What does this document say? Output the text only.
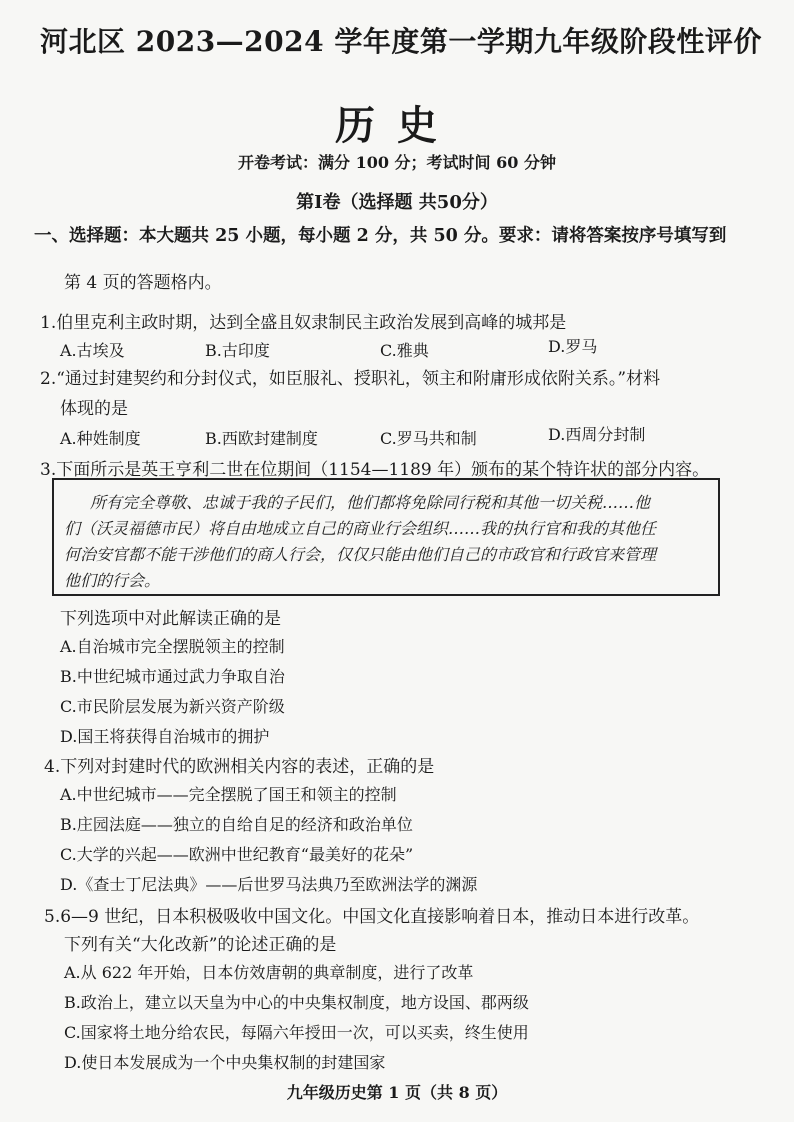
河北区 2023—2024 学年度第一学期九年级阶段性评价
历史
开卷考试：满分 100 分；考试时间 60 分钟
第Ⅰ卷（选择题 共50分）
一、选择题：本大题共 25 小题，每小题 2 分，共 50 分。要求：请将答案按序号填写到
第 4 页的答题格内。
1.伯里克利主政时期，达到全盛且奴隶制民主政治发展到高峰的城邦是
A.古埃及	B.古印度	C.雅典	D.罗马
2.“通过封建契约和分封仪式，如臣服礼、授职礼，领主和附庸形成依附关系。”材料
体现的是
A.种姓制度	B.西欧封建制度	C.罗马共和制	D.西周分封制
3.下面所示是英王亨利二世在位期间（1154—1189 年）颁布的某个特许状的部分内容。
所有完全尊敬、忠诚于我的子民们，他们都将免除同行税和其他一切关税……他
们（沃灵福德市民）将自由地成立自己的商业行会组织……我的执行官和我的其他任
何治安官都不能干涉他们的商人行会，仅仅只能由他们自己的市政官和行政官来管理
他们的行会。
下列选项中对此解读正确的是
A.自治城市完全摆脱领主的控制
B.中世纪城市通过武力争取自治
C.市民阶层发展为新兴资产阶级
D.国王将获得自治城市的拥护
4.下列对封建时代的欧洲相关内容的表述，正确的是
A.中世纪城市——完全摆脱了国王和领主的控制
B.庄园法庭——独立的自给自足的经济和政治单位
C.大学的兴起——欧洲中世纪教育“最美好的花朵”
D.《查士丁尼法典》——后世罗马法典乃至欧洲法学的渊源
5.6—9 世纪，日本积极吸收中国文化。中国文化直接影响着日本，推动日本进行改革。
下列有关“大化改新”的论述正确的是
A.从 622 年开始，日本仿效唐朝的典章制度，进行了改革
B.政治上，建立以天皇为中心的中央集权制度，地方设国、郡两级
C.国家将土地分给农民，每隔六年授田一次，可以买卖，终生使用
D.使日本发展成为一个中央集权制的封建国家
九年级历史第 1 页（共 8 页）
